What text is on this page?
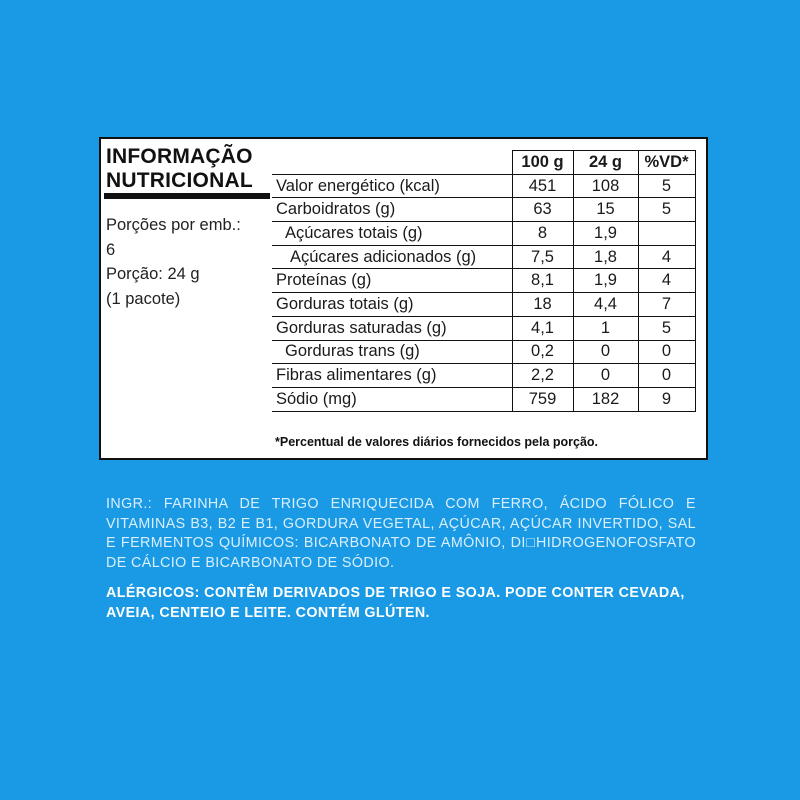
INFORMAÇÃO
NUTRICIONAL
Porções por emb.:
6
Porção: 24 g
(1 pacote)
	100 g	24 g	%VD*
Valor energético (kcal)	451	108	5
Carboidratos (g)	63	15	5
Açúcares totais (g)	8	1,9	
Açúcares adicionados (g)	7,5	1,8	4
Proteínas (g)	8,1	1,9	4
Gorduras totais (g)	18	4,4	7
Gorduras saturadas (g)	4,1	1	5
Gorduras trans (g)	0,2	0	0
Fibras alimentares (g)	2,2	0	0
Sódio (mg)	759	182	9
*Percentual de valores diários fornecidos pela porção.
INGR.: FARINHA DE TRIGO ENRIQUECIDA COM FERRO, ÁCIDO FÓLICO E VITAMINAS B3, B2 E B1, GORDURA VEGETAL, AÇÚCAR, AÇÚCAR INVERTIDO, SAL E FERMENTOS QUÍMICOS: BICARBONATO DE AMÔNIO, DI□HIDROGENOFOSFATO DE CÁLCIO E BICARBONATO DE SÓDIO.
ALÉRGICOS: CONTÊM DERIVADOS DE TRIGO E SOJA. PODE CONTER CEVADA, AVEIA, CENTEIO E LEITE. CONTÉM GLÚTEN.
